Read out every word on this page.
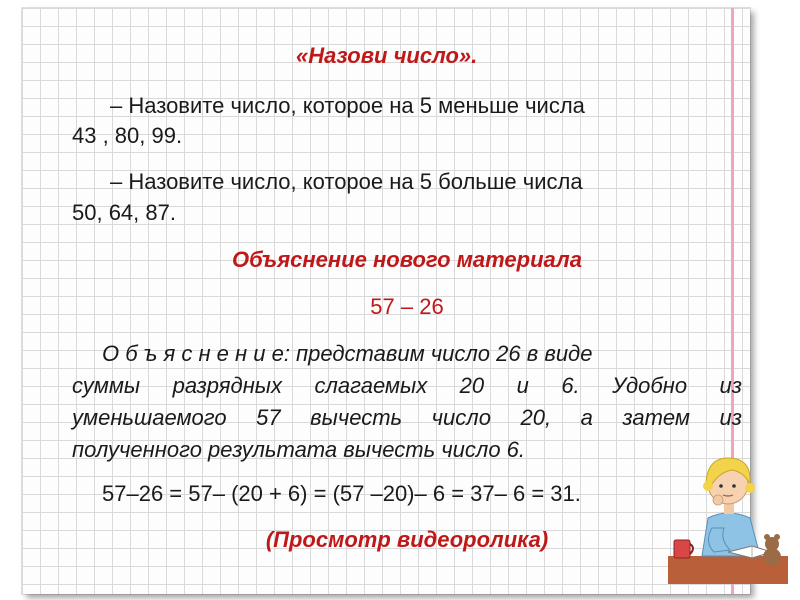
«Назови число».
– Назовите число, которое на 5 меньше числа
43 , 80, 99.
– Назовите число, которое на 5 больше числа
50, 64, 87.
Объяснение нового материала
57 – 26
О б ъ я с н е н и е: представим число 26 в виде
суммы разрядных слагаемых 20 и 6. Удобно из
уменьшаемого 57 вычесть число 20, а затем из
полученного результата вычесть число 6.
57–26 = 57– (20 + 6) = (57 –20)– 6 = 37– 6 = 31.
(Просмотр видеоролика)
